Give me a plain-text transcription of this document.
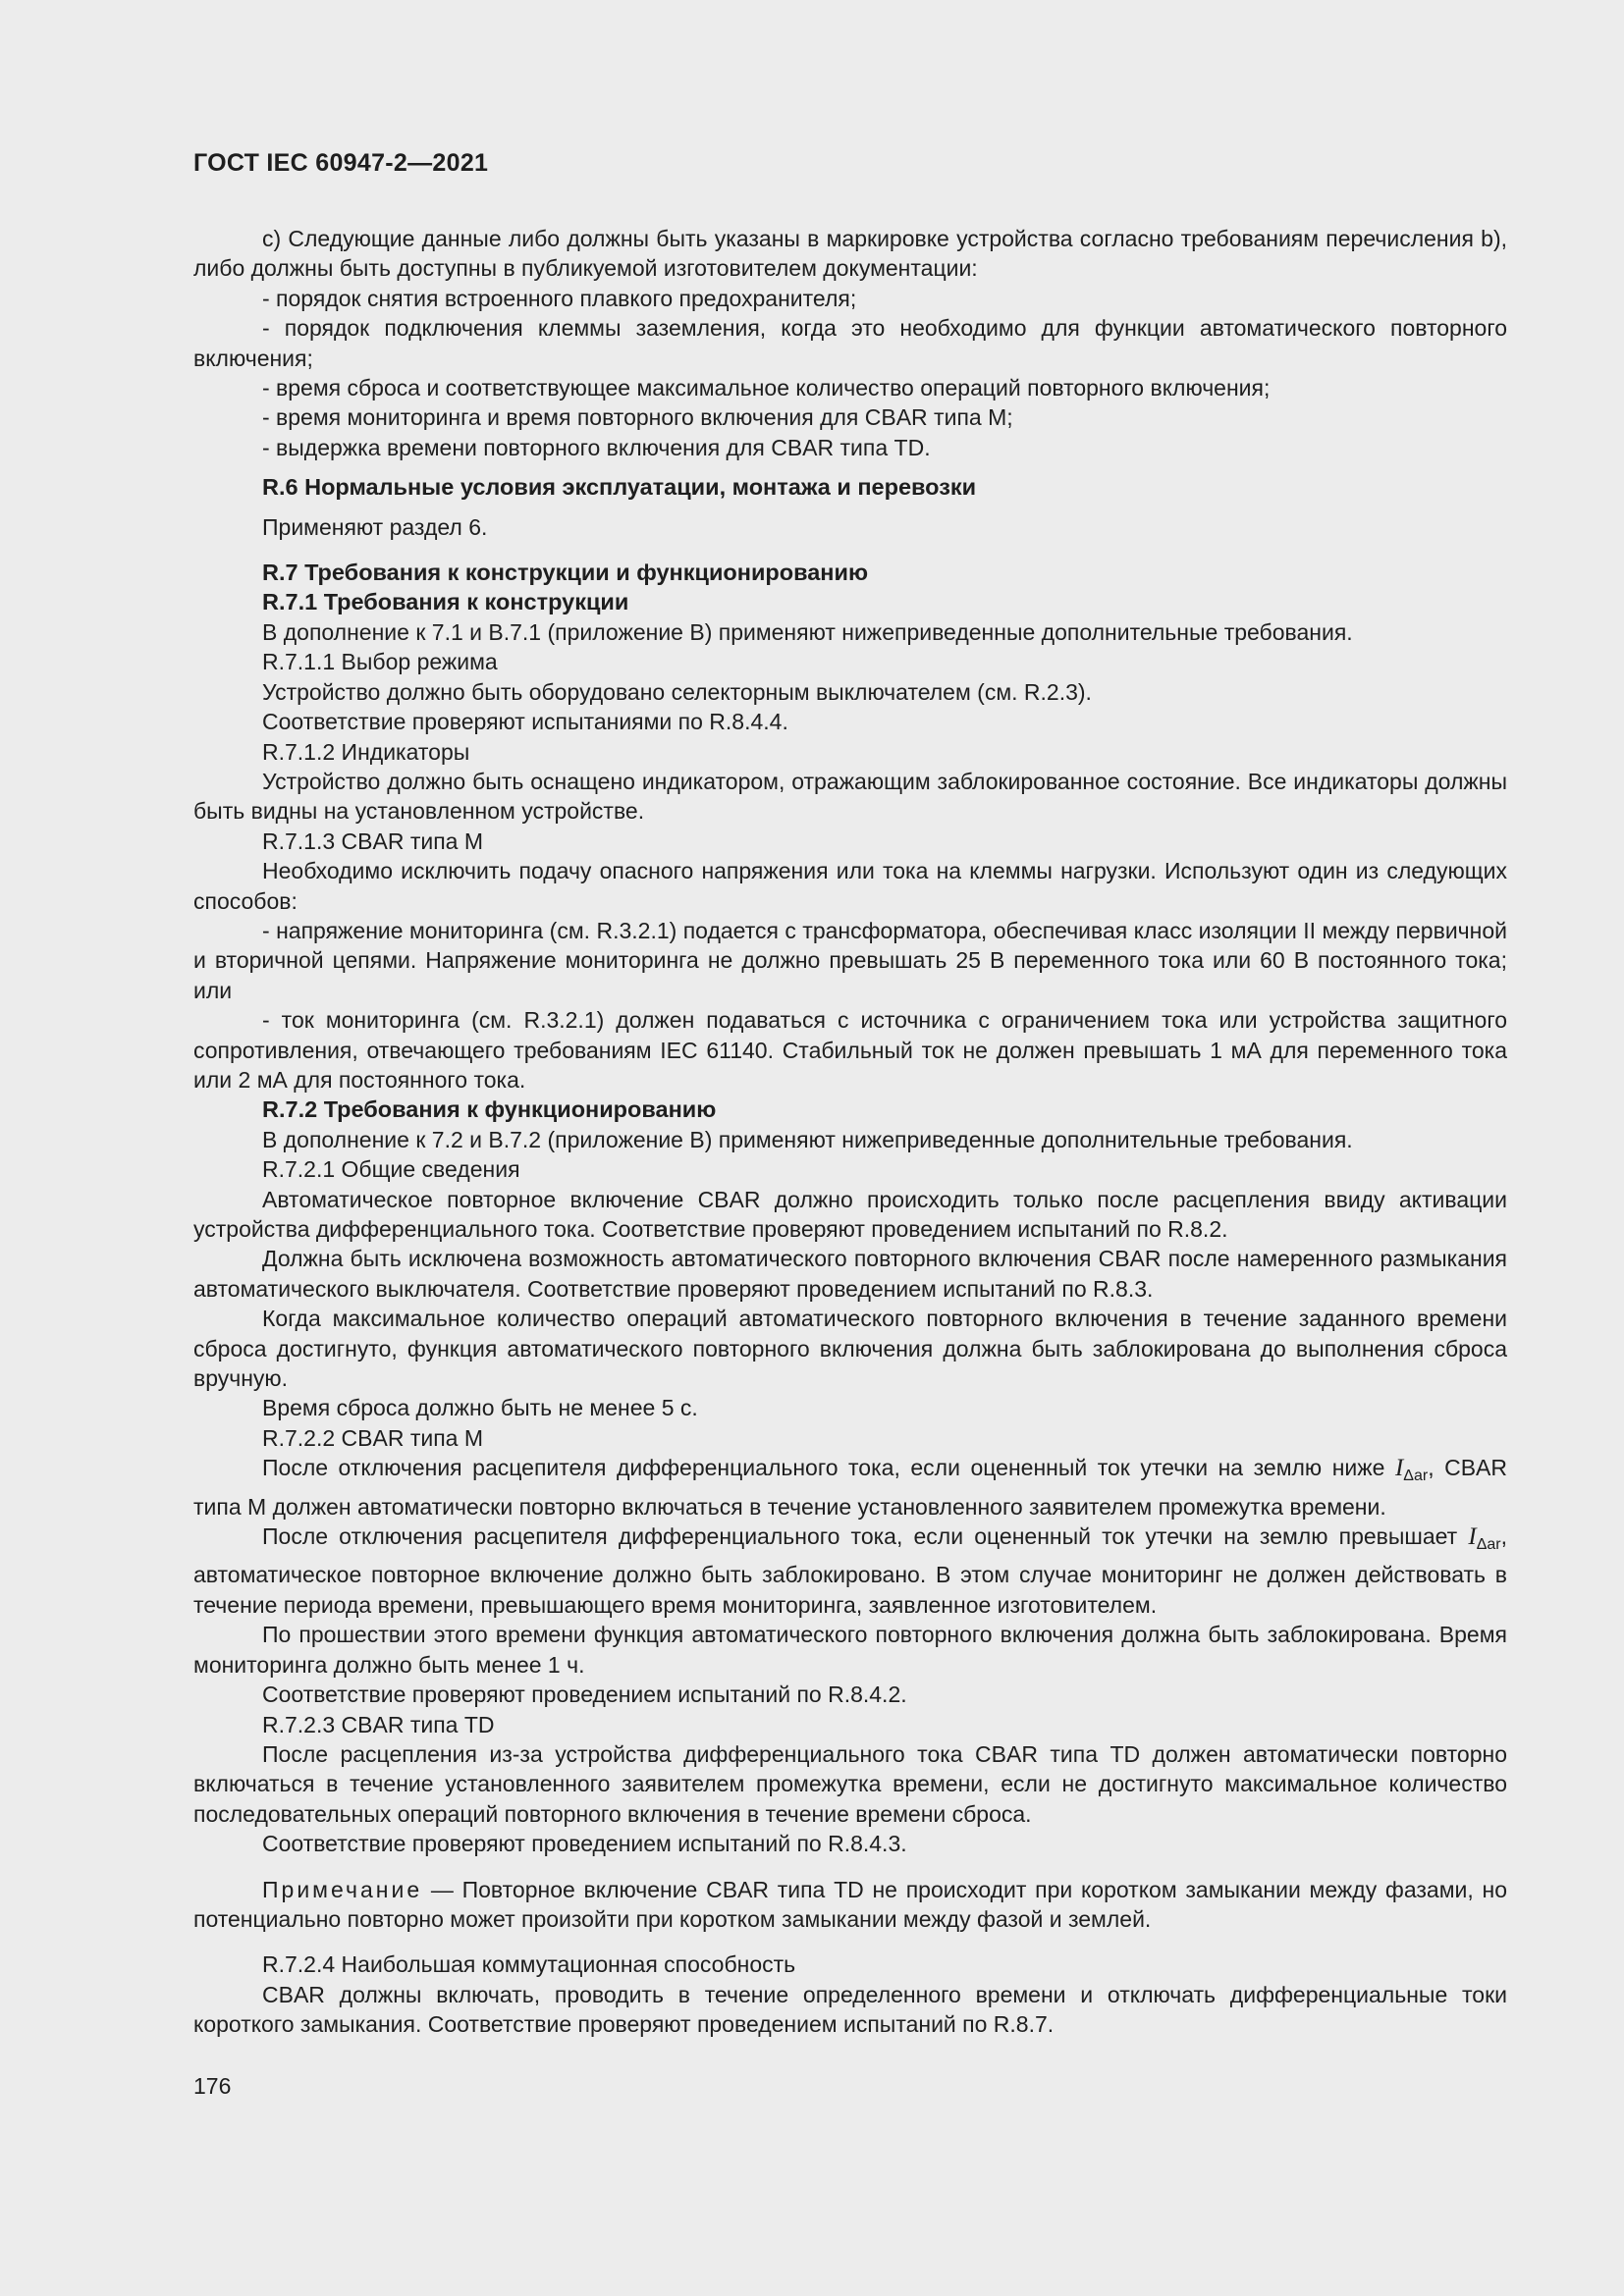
ГОСТ IEC 60947-2—2021

с) Следующие данные либо должны быть указаны в маркировке устройства согласно требованиям перечисления b), либо должны быть доступны в публикуемой изготовителем документации:

- порядок снятия встроенного плавкого предохранителя;

- порядок подключения клеммы заземления, когда это необходимо для функции автоматического повторного включения;

- время сброса и соответствующее максимальное количество операций повторного включения;

- время мониторинга и время повторного включения для CBAR типа М;

- выдержка времени повторного включения для CBAR типа TD.

R.6 Нормальные условия эксплуатации, монтажа и перевозки

Применяют раздел 6.

R.7 Требования к конструкции и функционированию

R.7.1 Требования к конструкции

В дополнение к 7.1 и В.7.1 (приложение В) применяют нижеприведенные дополнительные требования.

R.7.1.1 Выбор режима

Устройство должно быть оборудовано селекторным выключателем (см. R.2.3).

Соответствие проверяют испытаниями по R.8.4.4.

R.7.1.2 Индикаторы

Устройство должно быть оснащено индикатором, отражающим заблокированное состояние. Все индикаторы должны быть видны на установленном устройстве.

R.7.1.3 CBAR типа М

Необходимо исключить подачу опасного напряжения или тока на клеммы нагрузки. Используют один из следующих способов:

- напряжение мониторинга (см. R.3.2.1) подается с трансформатора, обеспечивая класс изоляции II между первичной и вторичной цепями. Напряжение мониторинга не должно превышать 25 В переменного тока или 60 В постоянного тока; или

- ток мониторинга (см. R.3.2.1) должен подаваться с источника с ограничением тока или устройства защитного сопротивления, отвечающего требованиям IEC 61140. Стабильный ток не должен превышать 1 мА для переменного тока или 2 мА для постоянного тока.

R.7.2 Требования к функционированию

В дополнение к 7.2 и В.7.2 (приложение В) применяют нижеприведенные дополнительные требования.

R.7.2.1 Общие сведения

Автоматическое повторное включение CBAR должно происходить только после расцепления ввиду активации устройства дифференциального тока. Соответствие проверяют проведением испытаний по R.8.2.

Должна быть исключена возможность автоматического повторного включения CBAR после намеренного размыкания автоматического выключателя. Соответствие проверяют проведением испытаний по R.8.3.

Когда максимальное количество операций автоматического повторного включения в течение заданного времени сброса достигнуто, функция автоматического повторного включения должна быть заблокирована до выполнения сброса вручную.

Время сброса должно быть не менее 5 с.

R.7.2.2 CBAR типа М

После отключения расцепителя дифференциального тока, если оцененный ток утечки на землю ниже $I_{\Delta ar}$, CBAR типа М должен автоматически повторно включаться в течение установленного заявителем промежутка времени.

После отключения расцепителя дифференциального тока, если оцененный ток утечки на землю превышает $I_{\Delta ar}$, автоматическое повторное включение должно быть заблокировано. В этом случае мониторинг не должен действовать в течение периода времени, превышающего время мониторинга, заявленное изготовителем.

По прошествии этого времени функция автоматического повторного включения должна быть заблокирована. Время мониторинга должно быть менее 1 ч.

Соответствие проверяют проведением испытаний по R.8.4.2.

R.7.2.3 CBAR типа TD

После расцепления из-за устройства дифференциального тока CBAR типа TD должен автоматически повторно включаться в течение установленного заявителем промежутка времени, если не достигнуто максимальное количество последовательных операций повторного включения в течение времени сброса.

Соответствие проверяют проведением испытаний по R.8.4.3.

Примечание — Повторное включение CBAR типа TD не происходит при коротком замыкании между фазами, но потенциально повторно может произойти при коротком замыкании между фазой и землей.

R.7.2.4 Наибольшая коммутационная способность

CBAR должны включать, проводить в течение определенного времени и отключать дифференциальные токи короткого замыкания. Соответствие проверяют проведением испытаний по R.8.7.

176
